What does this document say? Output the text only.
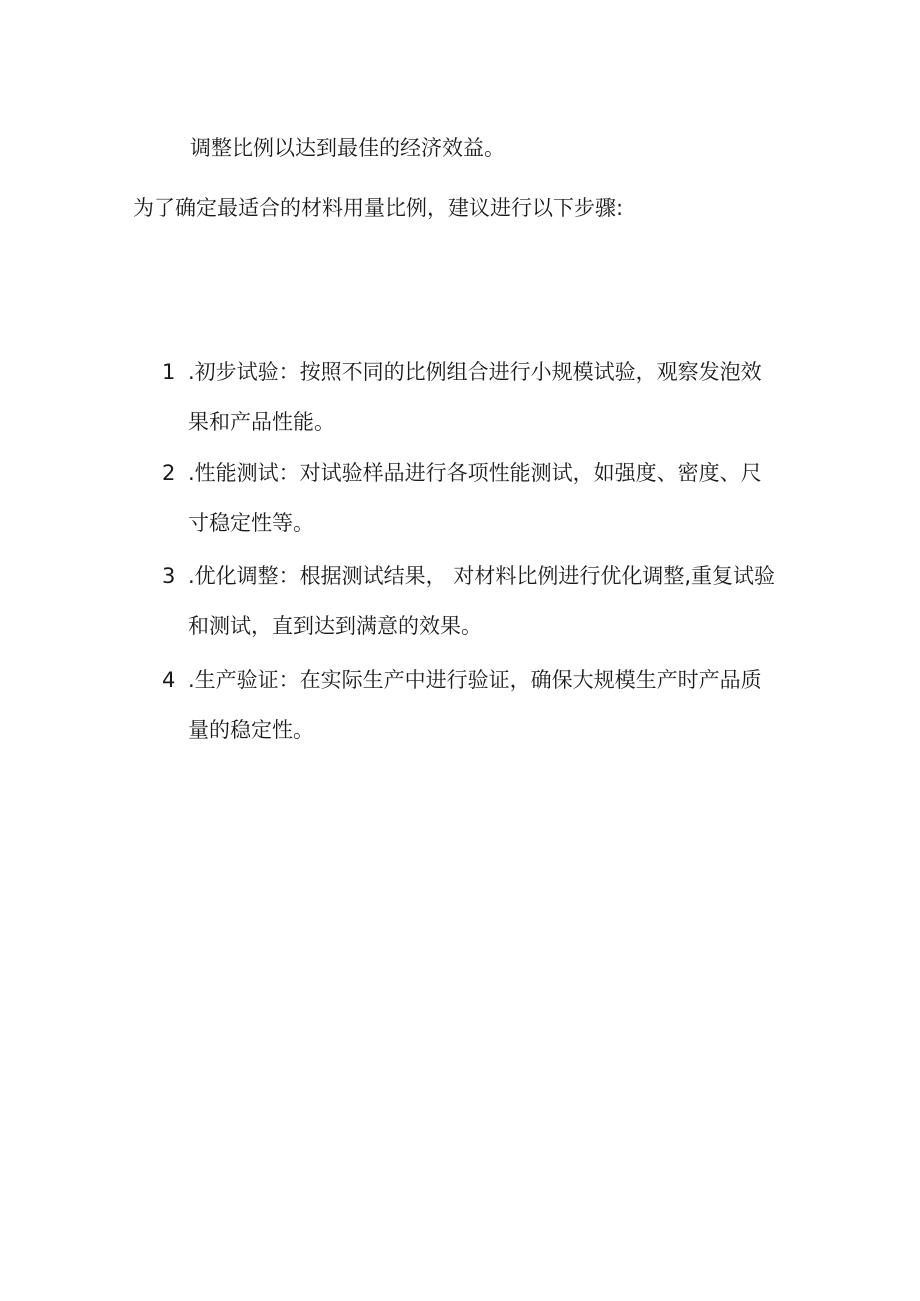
调整比例以达到最佳的经济效益。
为了确定最适合的材料用量比例，建议进行以下步骤:
1 .初步试验：按照不同的比例组合进行小规模试验，观察发泡效
果和产品性能。
2 .性能测试：对试验样品进行各项性能测试，如强度、密度、尺
寸稳定性等。
3 .优化调整：根据测试结果， 对材料比例进行优化调整,重复试验
和测试，直到达到满意的效果。
4 .生产验证：在实际生产中进行验证，确保大规模生产时产品质
量的稳定性。
